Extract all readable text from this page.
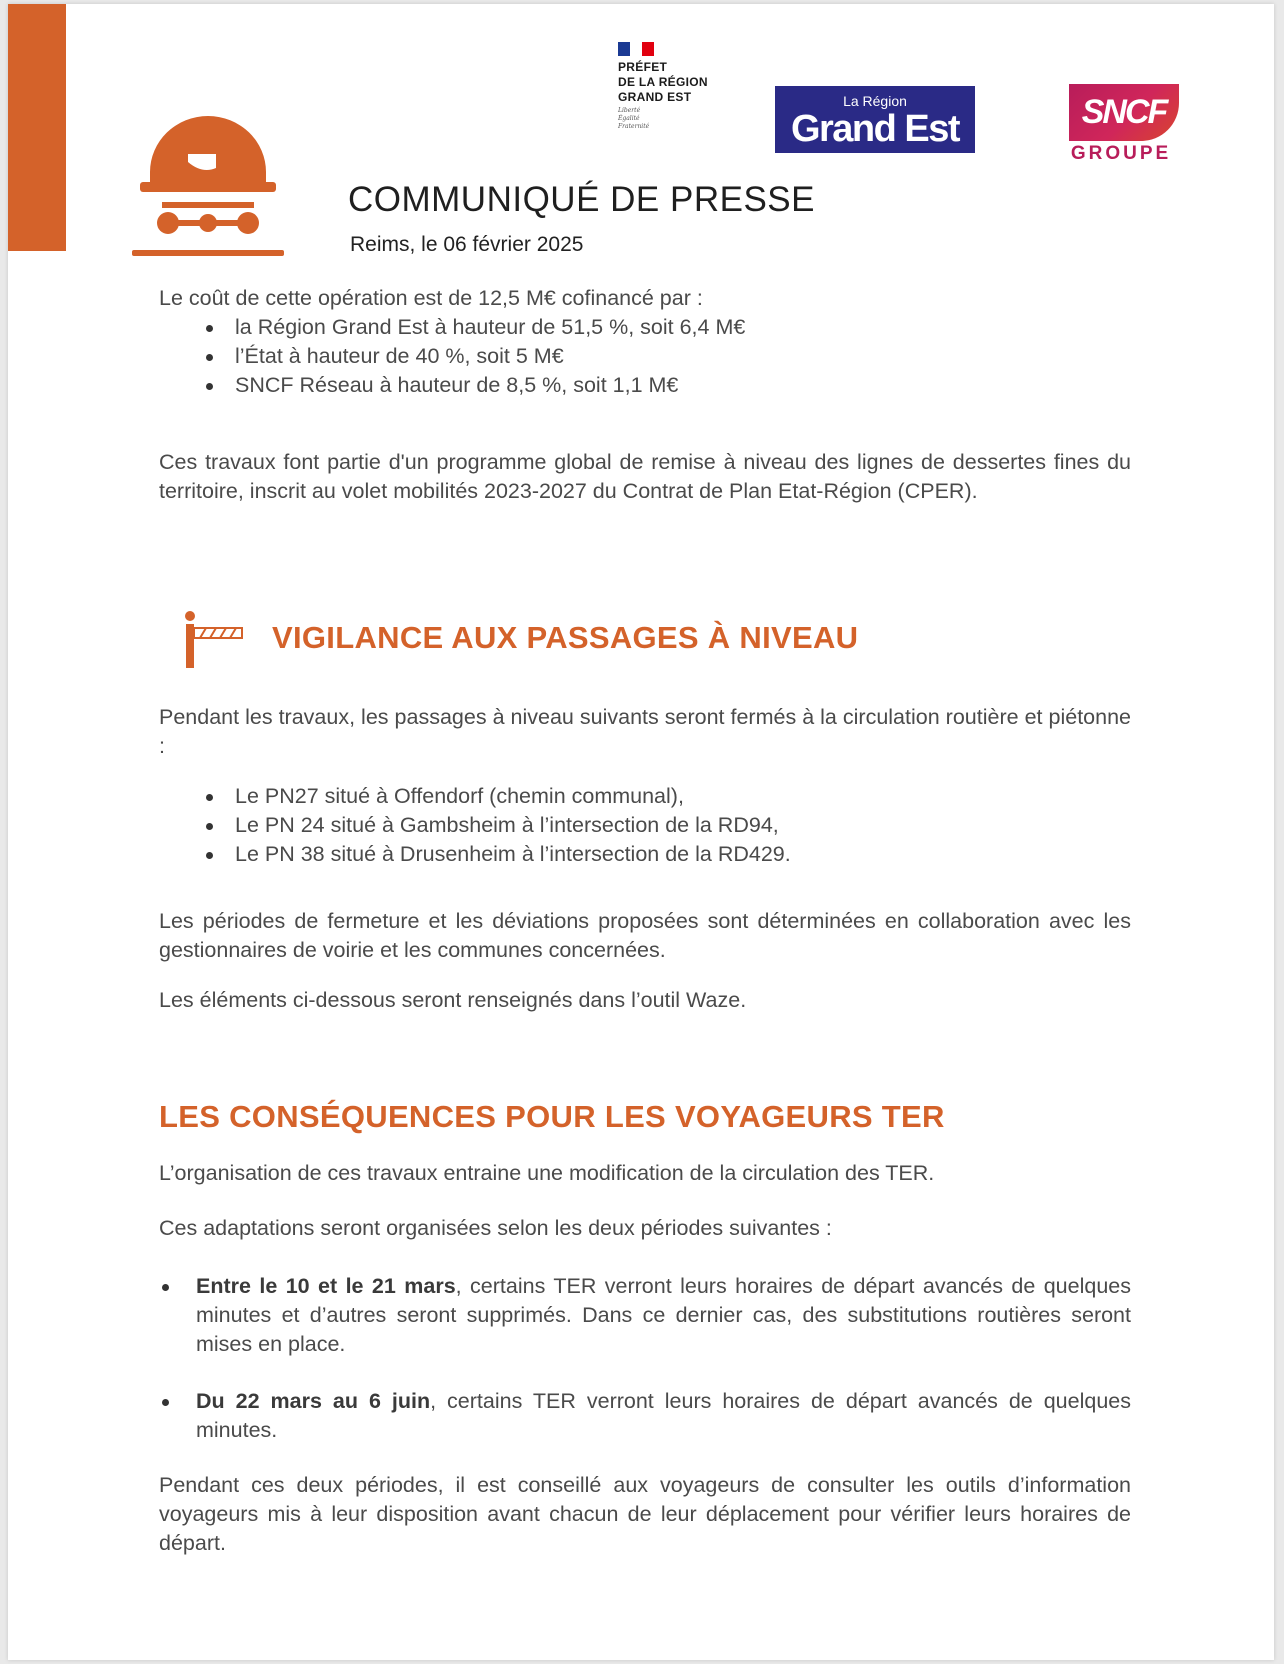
PRÉFET
DE LA RÉGION
GRAND EST
Liberté
Égalité
Fraternité
La Région
Grand Est	SNCF
GROUPE
COMMUNIQUÉ DE PRESSE
Reims, le 06 février 2025
Le coût de cette opération est de 12,5 M€ cofinancé par :
la Région Grand Est à hauteur de 51,5 %, soit 6,4 M€
l’État à hauteur de 40 %, soit 5 M€
SNCF Réseau à hauteur de 8,5 %, soit 1,1 M€
Ces travaux font partie d'un programme global de remise à niveau des lignes de dessertes fines du territoire, inscrit au volet mobilités 2023-2027 du Contrat de Plan Etat-Région (CPER).
VIGILANCE AUX PASSAGES À NIVEAU
Pendant les travaux, les passages à niveau suivants seront fermés à la circulation routière et piétonne :
Le PN27 situé à Offendorf (chemin communal),
Le PN 24 situé à Gambsheim à l’intersection de la RD94,
Le PN 38 situé à Drusenheim à l’intersection de la RD429.
Les périodes de fermeture et les déviations proposées sont déterminées en collaboration avec les gestionnaires de voirie et les communes concernées.
Les éléments ci-dessous seront renseignés dans l’outil Waze.
LES CONSÉQUENCES POUR LES VOYAGEURS TER
L’organisation de ces travaux entraine une modification de la circulation des TER.
Ces adaptations seront organisées selon les deux périodes suivantes :
Entre le 10 et le 21 mars, certains TER verront leurs horaires de départ avancés de quelques minutes et d’autres seront supprimés. Dans ce dernier cas, des substitutions routières seront mises en place.
Du 22 mars au 6 juin, certains TER verront leurs horaires de départ avancés de quelques minutes.
Pendant ces deux périodes, il est conseillé aux voyageurs de consulter les outils d’information voyageurs mis à leur disposition avant chacun de leur déplacement pour vérifier leurs horaires de départ.
